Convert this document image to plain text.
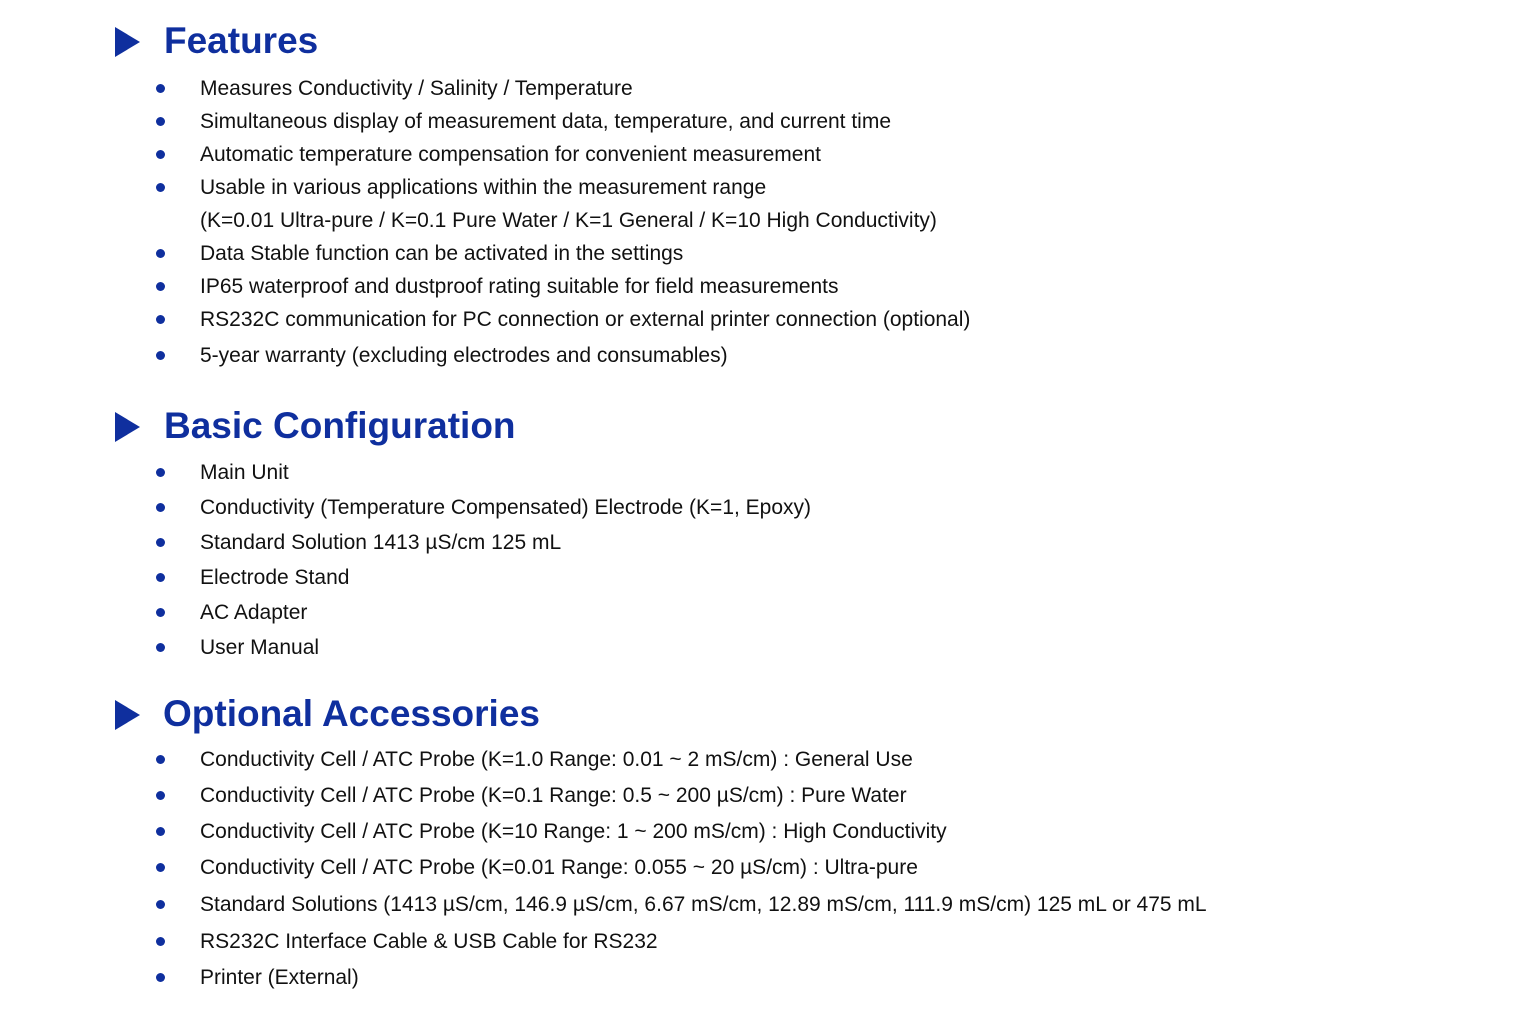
Features
Measures Conductivity / Salinity / Temperature
Simultaneous display of measurement data, temperature, and current time
Automatic temperature compensation for convenient measurement
Usable in various applications within the measurement range
(K=0.01 Ultra-pure / K=0.1 Pure Water / K=1 General / K=10 High Conductivity)
Data Stable function can be activated in the settings
IP65 waterproof and dustproof rating suitable for field measurements
RS232C communication for PC connection or external printer connection (optional)
5-year warranty (excluding electrodes and consumables)
Basic Configuration
Main Unit
Conductivity (Temperature Compensated) Electrode (K=1, Epoxy)
Standard Solution 1413 µS/cm 125 mL
Electrode Stand
AC Adapter
User Manual
Optional Accessories
Conductivity Cell / ATC Probe (K=1.0 Range: 0.01 ~ 2 mS/cm) : General Use
Conductivity Cell / ATC Probe (K=0.1 Range: 0.5 ~ 200 µS/cm) : Pure Water
Conductivity Cell / ATC Probe (K=10 Range: 1 ~ 200 mS/cm) : High Conductivity
Conductivity Cell / ATC Probe (K=0.01 Range: 0.055 ~ 20 µS/cm) : Ultra-pure
Standard Solutions (1413 µS/cm, 146.9 µS/cm, 6.67 mS/cm, 12.89 mS/cm, 111.9 mS/cm) 125 mL or 475 mL
RS232C Interface Cable & USB Cable for RS232
Printer (External)
